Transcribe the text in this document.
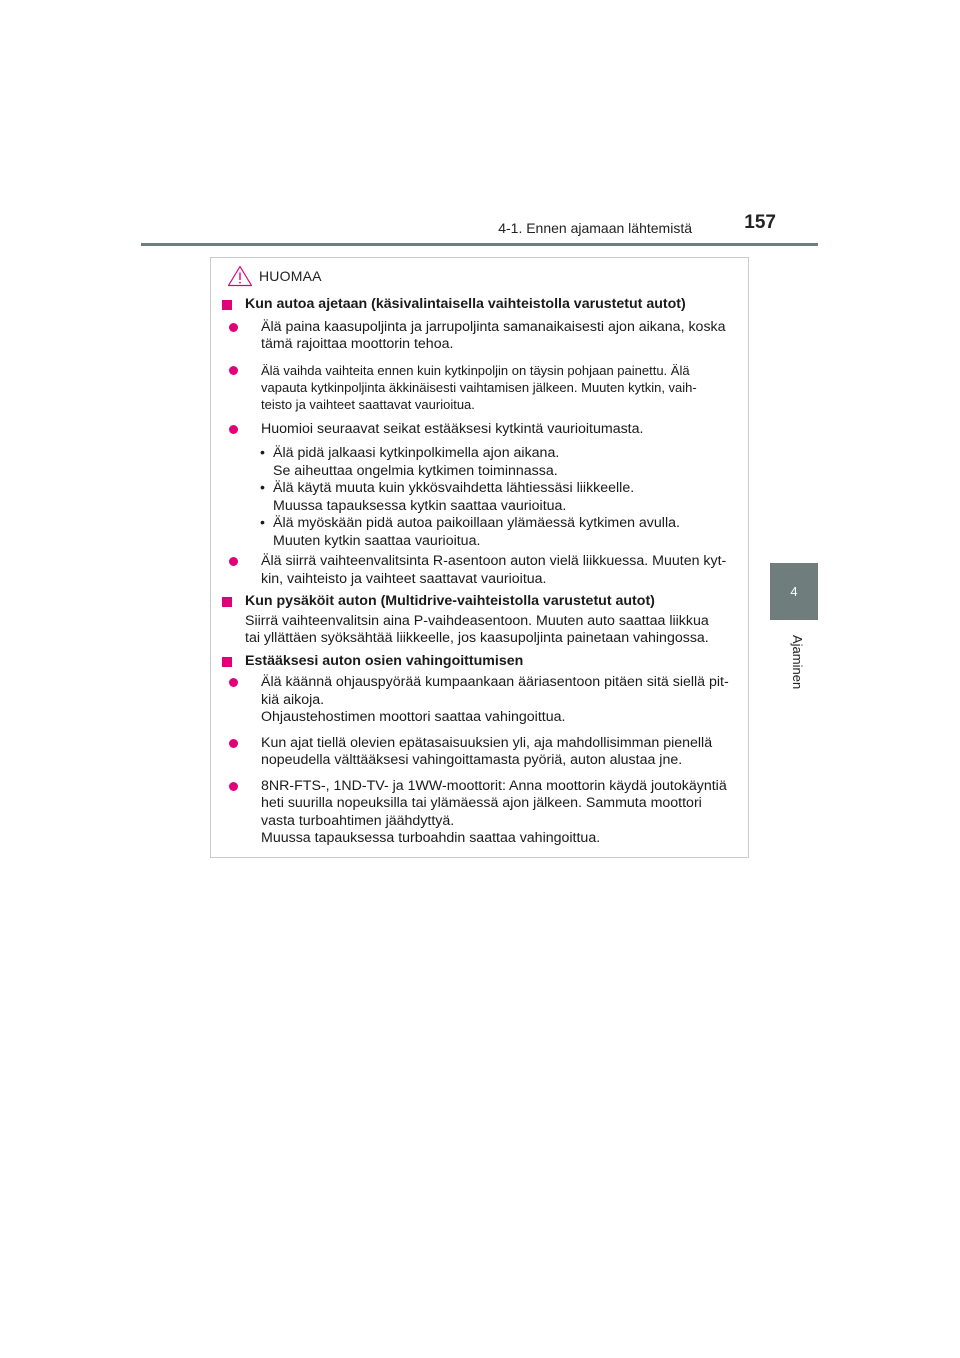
4-1. Ennen ajamaan lähtemistä	157
4
Ajaminen
HUOMAA
Kun autoa ajetaan (käsivalintaisella vaihteistolla varustetut autot)
Älä paina kaasupoljinta ja jarrupoljinta samanaikaisesti ajon aikana, koska
tämä rajoittaa moottorin tehoa.
Älä vaihda vaihteita ennen kuin kytkinpoljin on täysin pohjaan painettu. Älä
vapauta kytkinpoljinta äkkinäisesti vaihtamisen jälkeen. Muuten kytkin, vaih-
teisto ja vaihteet saattavat vaurioitua.
Huomioi seuraavat seikat estääksesi kytkintä vaurioitumasta.
• Älä pidä jalkaasi kytkinpolkimella ajon aikana.
Se aiheuttaa ongelmia kytkimen toiminnassa.
• Älä käytä muuta kuin ykkösvaihdetta lähtiessäsi liikkeelle.
Muussa tapauksessa kytkin saattaa vaurioitua.
• Älä myöskään pidä autoa paikoillaan ylämäessä kytkimen avulla.
Muuten kytkin saattaa vaurioitua.
Älä siirrä vaihteenvalitsinta R-asentoon auton vielä liikkuessa. Muuten kyt-
kin, vaihteisto ja vaihteet saattavat vaurioitua.
Kun pysäköit auton (Multidrive-vaihteistolla varustetut autot)
Siirrä vaihteenvalitsin aina P-vaihdeasentoon. Muuten auto saattaa liikkua
tai yllättäen syöksähtää liikkeelle, jos kaasupoljinta painetaan vahingossa.
Estääksesi auton osien vahingoittumisen
Älä käännä ohjauspyörää kumpaankaan ääriasentoon pitäen sitä siellä pit-
kiä aikoja.
Ohjaustehostimen moottori saattaa vahingoittua.
Kun ajat tiellä olevien epätasaisuuksien yli, aja mahdollisimman pienellä
nopeudella välttääksesi vahingoittamasta pyöriä, auton alustaa jne.
8NR-FTS-, 1ND-TV- ja 1WW-moottorit: Anna moottorin käydä joutokäyntiä
heti suurilla nopeuksilla tai ylämäessä ajon jälkeen. Sammuta moottori
vasta turboahtimen jäähdyttyä.
Muussa tapauksessa turboahdin saattaa vahingoittua.
